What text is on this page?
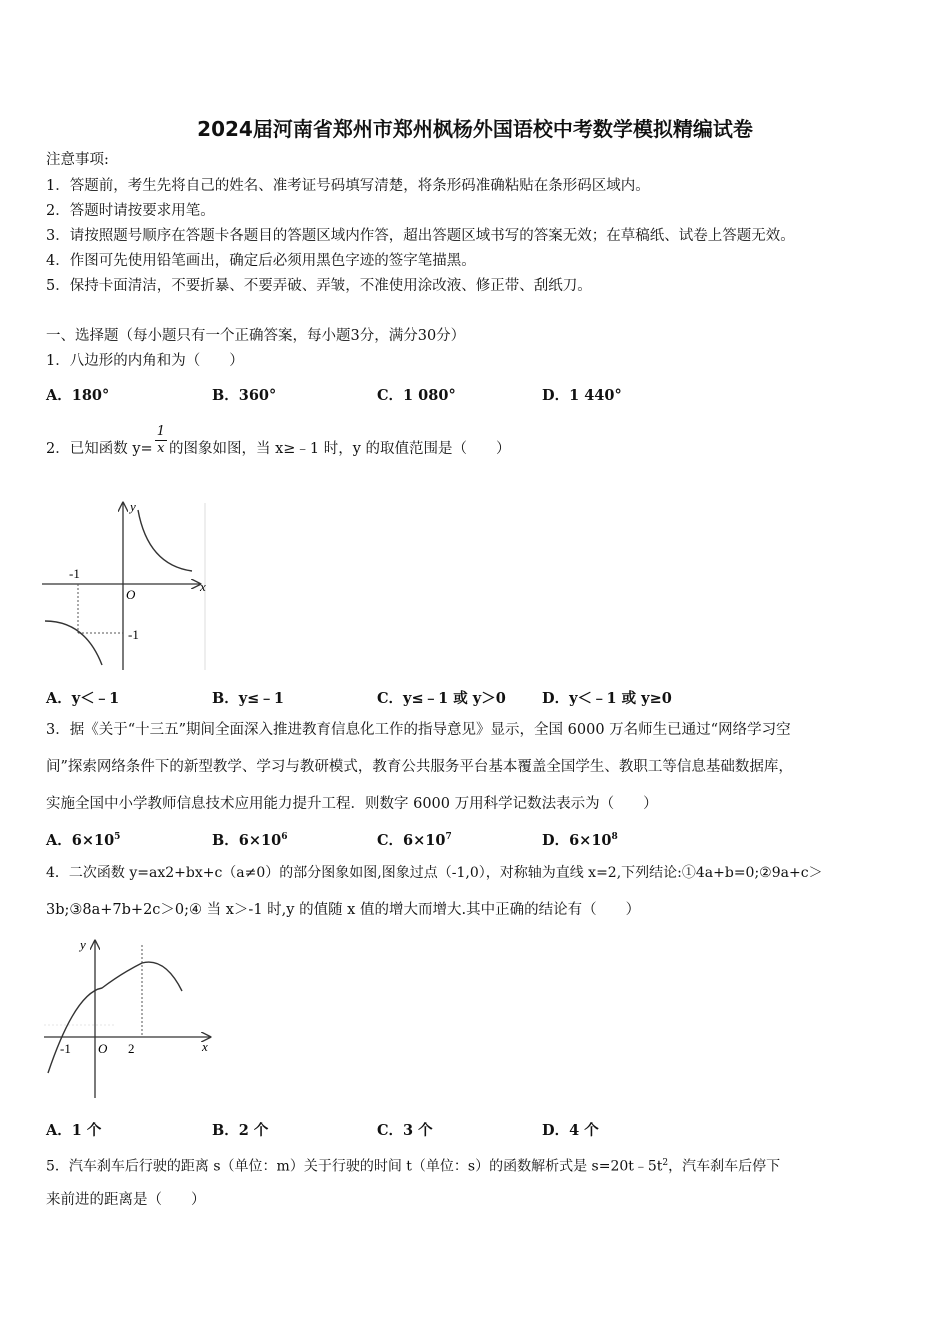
2024届河南省郑州市郑州枫杨外国语校中考数学模拟精编试卷
注意事项:
1．答题前，考生先将自己的姓名、准考证号码填写清楚，将条形码准确粘贴在条形码区域内。
2．答题时请按要求用笔。
3．请按照题号顺序在答题卡各题目的答题区域内作答，超出答题区域书写的答案无效；在草稿纸、试卷上答题无效。
4．作图可先使用铅笔画出，确定后必须用黑色字迹的签字笔描黑。
5．保持卡面清洁，不要折暴、不要弄破、弄皱，不准使用涂改液、修正带、刮纸刀。
一、选择题（每小题只有一个正确答案，每小题3分，满分30分）
1．八边形的内角和为（　　）
A．180°	B．360°	C．1 080°	D．1 440°
2．已知函数 $y= \frac{1}{x}$ 的图象如图，当 x≥﹣1 时，y 的取值范围是（　　）
x
y
O
-1
-1
A．y＜﹣1	B．y≤﹣1	C．y≤﹣1 或 y＞0 D．y＜﹣1 或 y≥0
3．据《关于“十三五”期间全面深入推进教育信息化工作的指导意见》显示，全国 6000 万名师生已通过“网络学习空
间”探索网络条件下的新型教学、学习与教研模式，教育公共服务平台基本覆盖全国学生、教职工等信息基础数据库，
实施全国中小学教师信息技术应用能力提升工程．则数字 6000 万用科学记数法表示为（　　）
A．$6\times 10^5$	B．$6\times 10^6$	C．$6\times 10^7$	D．$6\times 10^8$
4．二次函数 y=ax2+bx+c（a≠0）的部分图象如图,图象过点（-1,0），对称轴为直线 x=2,下列结论:①4a+b=0;②9a+c＞
3b;③8a+7b+2c＞0;④ 当 x＞-1 时,y 的值随 x 值的增大而增大.其中正确的结论有（　　）
x
y
O
-1	2
A．1 个	B．2 个	C．3 个	D．4 个
5．汽车刹车后行驶的距离 s（单位：m）关于行驶的时间 t（单位：s）的函数解析式是 $s=20t﹣5t^2$，汽车刹车后停下
来前进的距离是（　　）
